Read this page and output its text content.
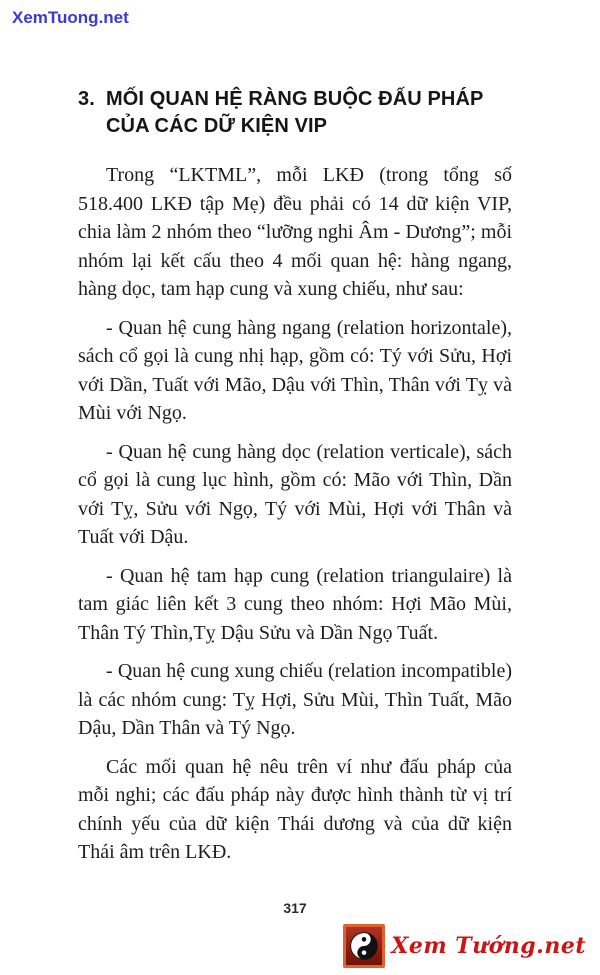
XemTuong.net
3. MỐI QUAN HỆ RÀNG BUỘC ĐẤU PHÁP CỦA CÁC DỮ KIỆN VIP

Trong “LKTML”, mỗi LKĐ (trong tổng số 518.400 LKĐ tập Mẹ) đều phải có 14 dữ kiện VIP, chia làm 2 nhóm theo “lưỡng nghi Âm - Dương”; mỗi nhóm lại kết cấu theo 4 mối quan hệ: hàng ngang, hàng dọc, tam hạp cung và xung chiếu, như sau:

- Quan hệ cung hàng ngang (relation horizontale), sách cổ gọi là cung nhị hạp, gồm có: Tý với Sửu, Hợi với Dần, Tuất với Mão, Dậu với Thìn, Thân với Tỵ và Mùi với Ngọ.

- Quan hệ cung hàng dọc (relation verticale), sách cổ gọi là cung lục hình, gồm có: Mão với Thìn, Dần với Tỵ, Sửu với Ngọ, Tý với Mùi, Hợi với Thân và Tuất với Dậu.

- Quan hệ tam hạp cung (relation triangulaire) là tam giác liên kết 3 cung theo nhóm: Hợi Mão Mùi, Thân Tý Thìn,Tỵ Dậu Sửu và Dần Ngọ Tuất.

- Quan hệ cung xung chiếu (relation incompatible) là các nhóm cung: Tỵ Hợi, Sửu Mùi, Thìn Tuất, Mão Dậu, Dần Thân và Tý Ngọ.

Các mối quan hệ nêu trên ví như đấu pháp của mỗi nghi; các đấu pháp này được hình thành từ vị trí chính yếu của dữ kiện Thái dương và của dữ kiện Thái âm trên LKĐ.

317
Xem Tướng.net
